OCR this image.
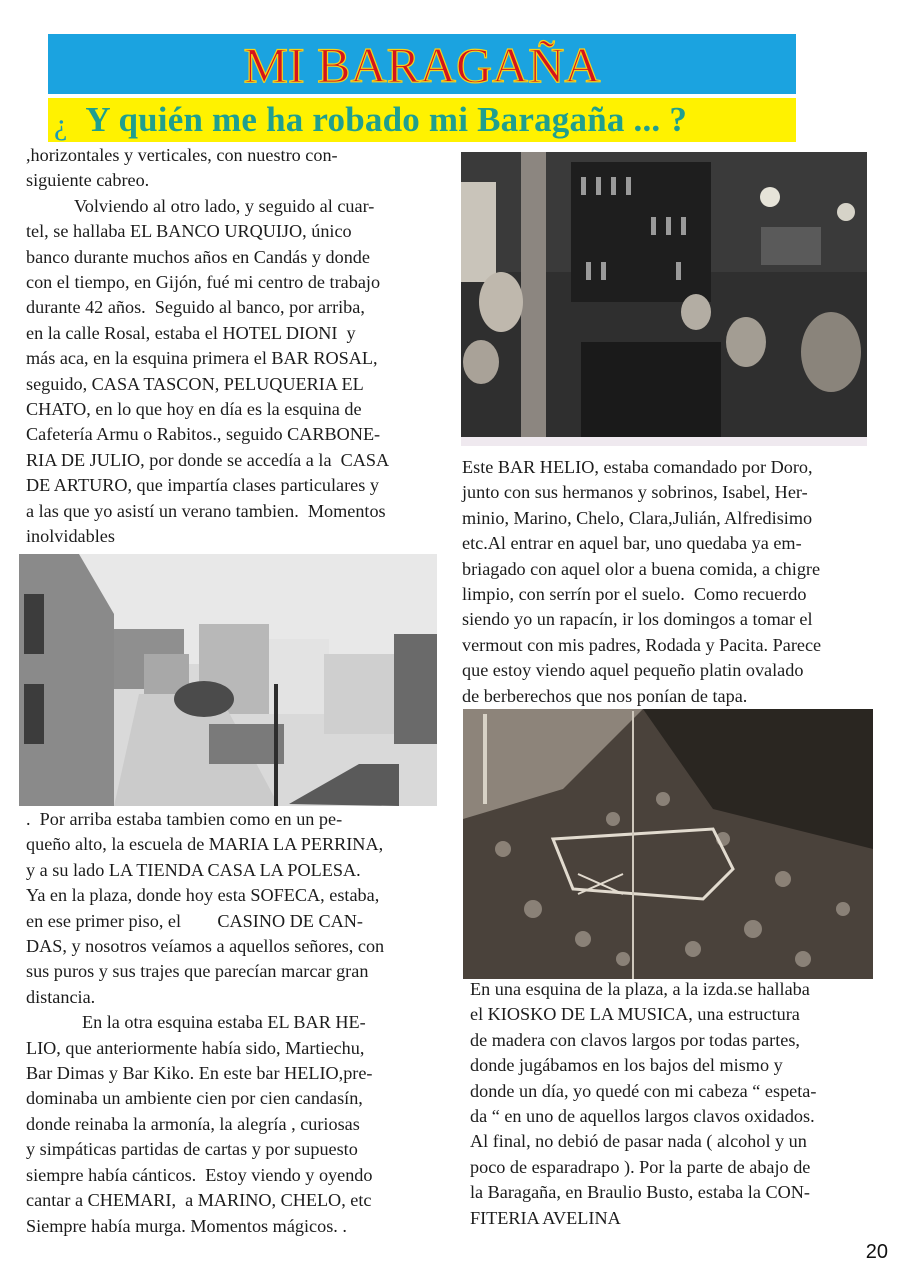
MI BARAGAÑA
¿ Y quién me ha robado mi Baragaña ... ?

,horizontales y verticales, con nuestro con-

siguiente cabreo.

Volviendo al otro lado, y seguido al cuar-

tel, se hallaba EL BANCO URQUIJO, único

banco durante muchos años en Candás y donde

con el tiempo, en Gijón, fué mi centro de trabajo

durante 42 años.  Seguido al banco, por arriba,

en la calle Rosal, estaba el HOTEL DIONI  y

más aca, en la esquina primera el BAR ROSAL,

seguido, CASA TASCON, PELUQUERIA EL

CHATO, en lo que hoy en día es la esquina de

Cafetería Armu o Rabitos., seguido CARBONE-

RIA DE JULIO, por donde se accedía a la  CASA

DE ARTURO, que impartía clases particulares y

a las que yo asistí un verano tambien.  Momentos

inolvidables

.  Por arriba estaba tambien como en un pe-

queño alto, la escuela de MARIA LA PERRINA,

y a su lado LA TIENDA CASA LA POLESA.

Ya en la plaza, donde hoy esta SOFECA, estaba,

en ese primer piso, el        CASINO DE CAN-

DAS, y nosotros veíamos a aquellos señores, con

sus puros y sus trajes que parecían marcar gran

distancia.

En la otra esquina estaba EL BAR HE-

LIO, que anteriormente había sido, Martiechu,

Bar Dimas y Bar Kiko. En este bar HELIO,pre-

dominaba un ambiente cien por cien candasín,

donde reinaba la armonía, la alegría , curiosas

y simpáticas partidas de cartas y por supuesto

siempre había cánticos.  Estoy viendo y oyendo

cantar a CHEMARI,  a MARINO, CHELO, etc

Siempre había murga. Momentos mágicos. .

Este BAR HELIO, estaba comandado por Doro,

junto con sus hermanos y sobrinos, Isabel, Her-

minio, Marino, Chelo, Clara,Julián, Alfredisimo

etc.Al entrar en aquel bar, uno quedaba ya em-

briagado con aquel olor a buena comida, a chigre

limpio, con serrín por el suelo.  Como recuerdo

siendo yo un rapacín, ir los domingos a tomar el

vermout con mis padres, Rodada y Pacita. Parece

que estoy viendo aquel pequeño platin ovalado

de berberechos que nos ponían de tapa.

En una esquina de la plaza, a la izda.se hallaba

el KIOSKO DE LA MUSICA, una estructura

de madera con clavos largos por todas partes,

donde jugábamos en los bajos del mismo y

donde un día, yo quedé con mi cabeza “ espeta-

da “ en uno de aquellos largos clavos oxidados.

Al final, no debió de pasar nada ( alcohol y un

poco de esparadrapo ). Por la parte de abajo de

la Baragaña, en Braulio Busto, estaba la CON-

FITERIA AVELINA

20
